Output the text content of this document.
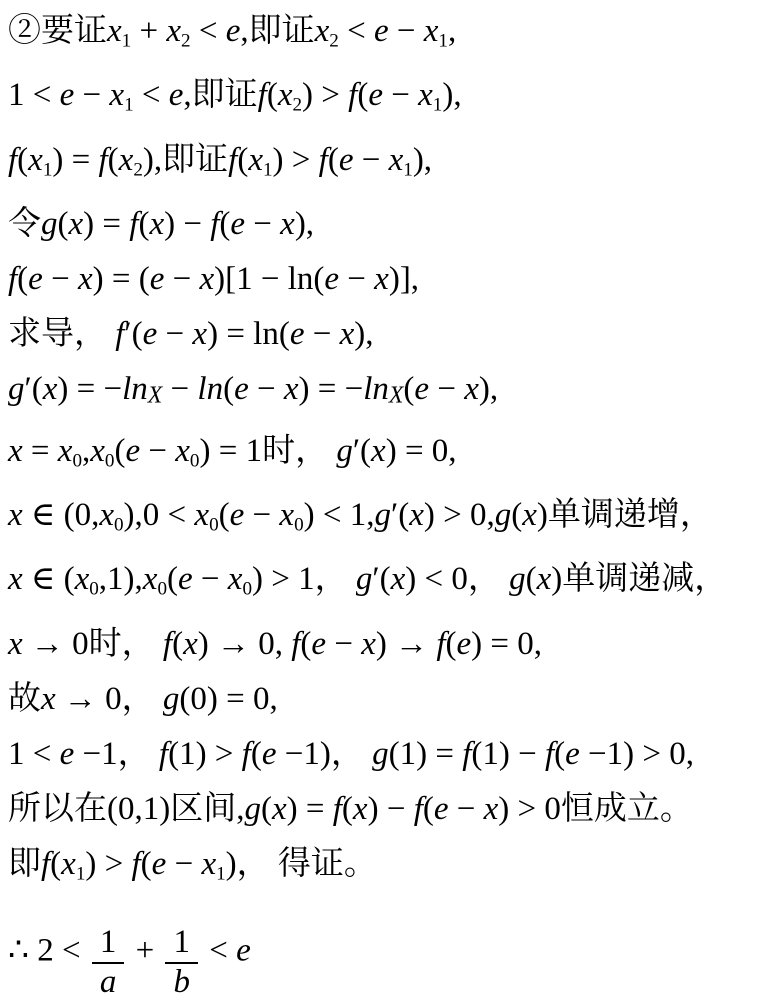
②要证x1 + x2 < e,即证x2 < e − x1,
1 < e − x1 < e,即证f(x2) > f(e − x1),
f(x1) = f(x2),即证f(x1) > f(e − x1),
令g(x) = f(x) − f(e − x),
f(e − x) = (e − x)[1 − ln(e − x)],
求导， f′(e − x) = ln(e − x),
g′(x) = −lnX − ln(e − x) = −lnX(e − x),
x = x0,x0(e − x0) = 1时， g′(x) = 0,
x ∈ (0,x0),0 < x0(e − x0) < 1,g′(x) > 0,g(x)单调递增，
x ∈ (x0,1),x0(e − x0) > 1， g′(x) < 0， g(x)单调递减，
x → 0时， f(x) → 0, f(e − x) → f(e) = 0,
故x → 0， g(0) = 0,
1 < e −1， f(1) > f(e −1)， g(1) = f(1) − f(e −1) > 0,
所以在(0,1)区间,g(x) = f(x) − f(e − x) > 0恒成立。
即f(x1) > f(e − x1)， 得证。
∴ $2 < \frac{1}{a} + \frac{1}{b} < e$
